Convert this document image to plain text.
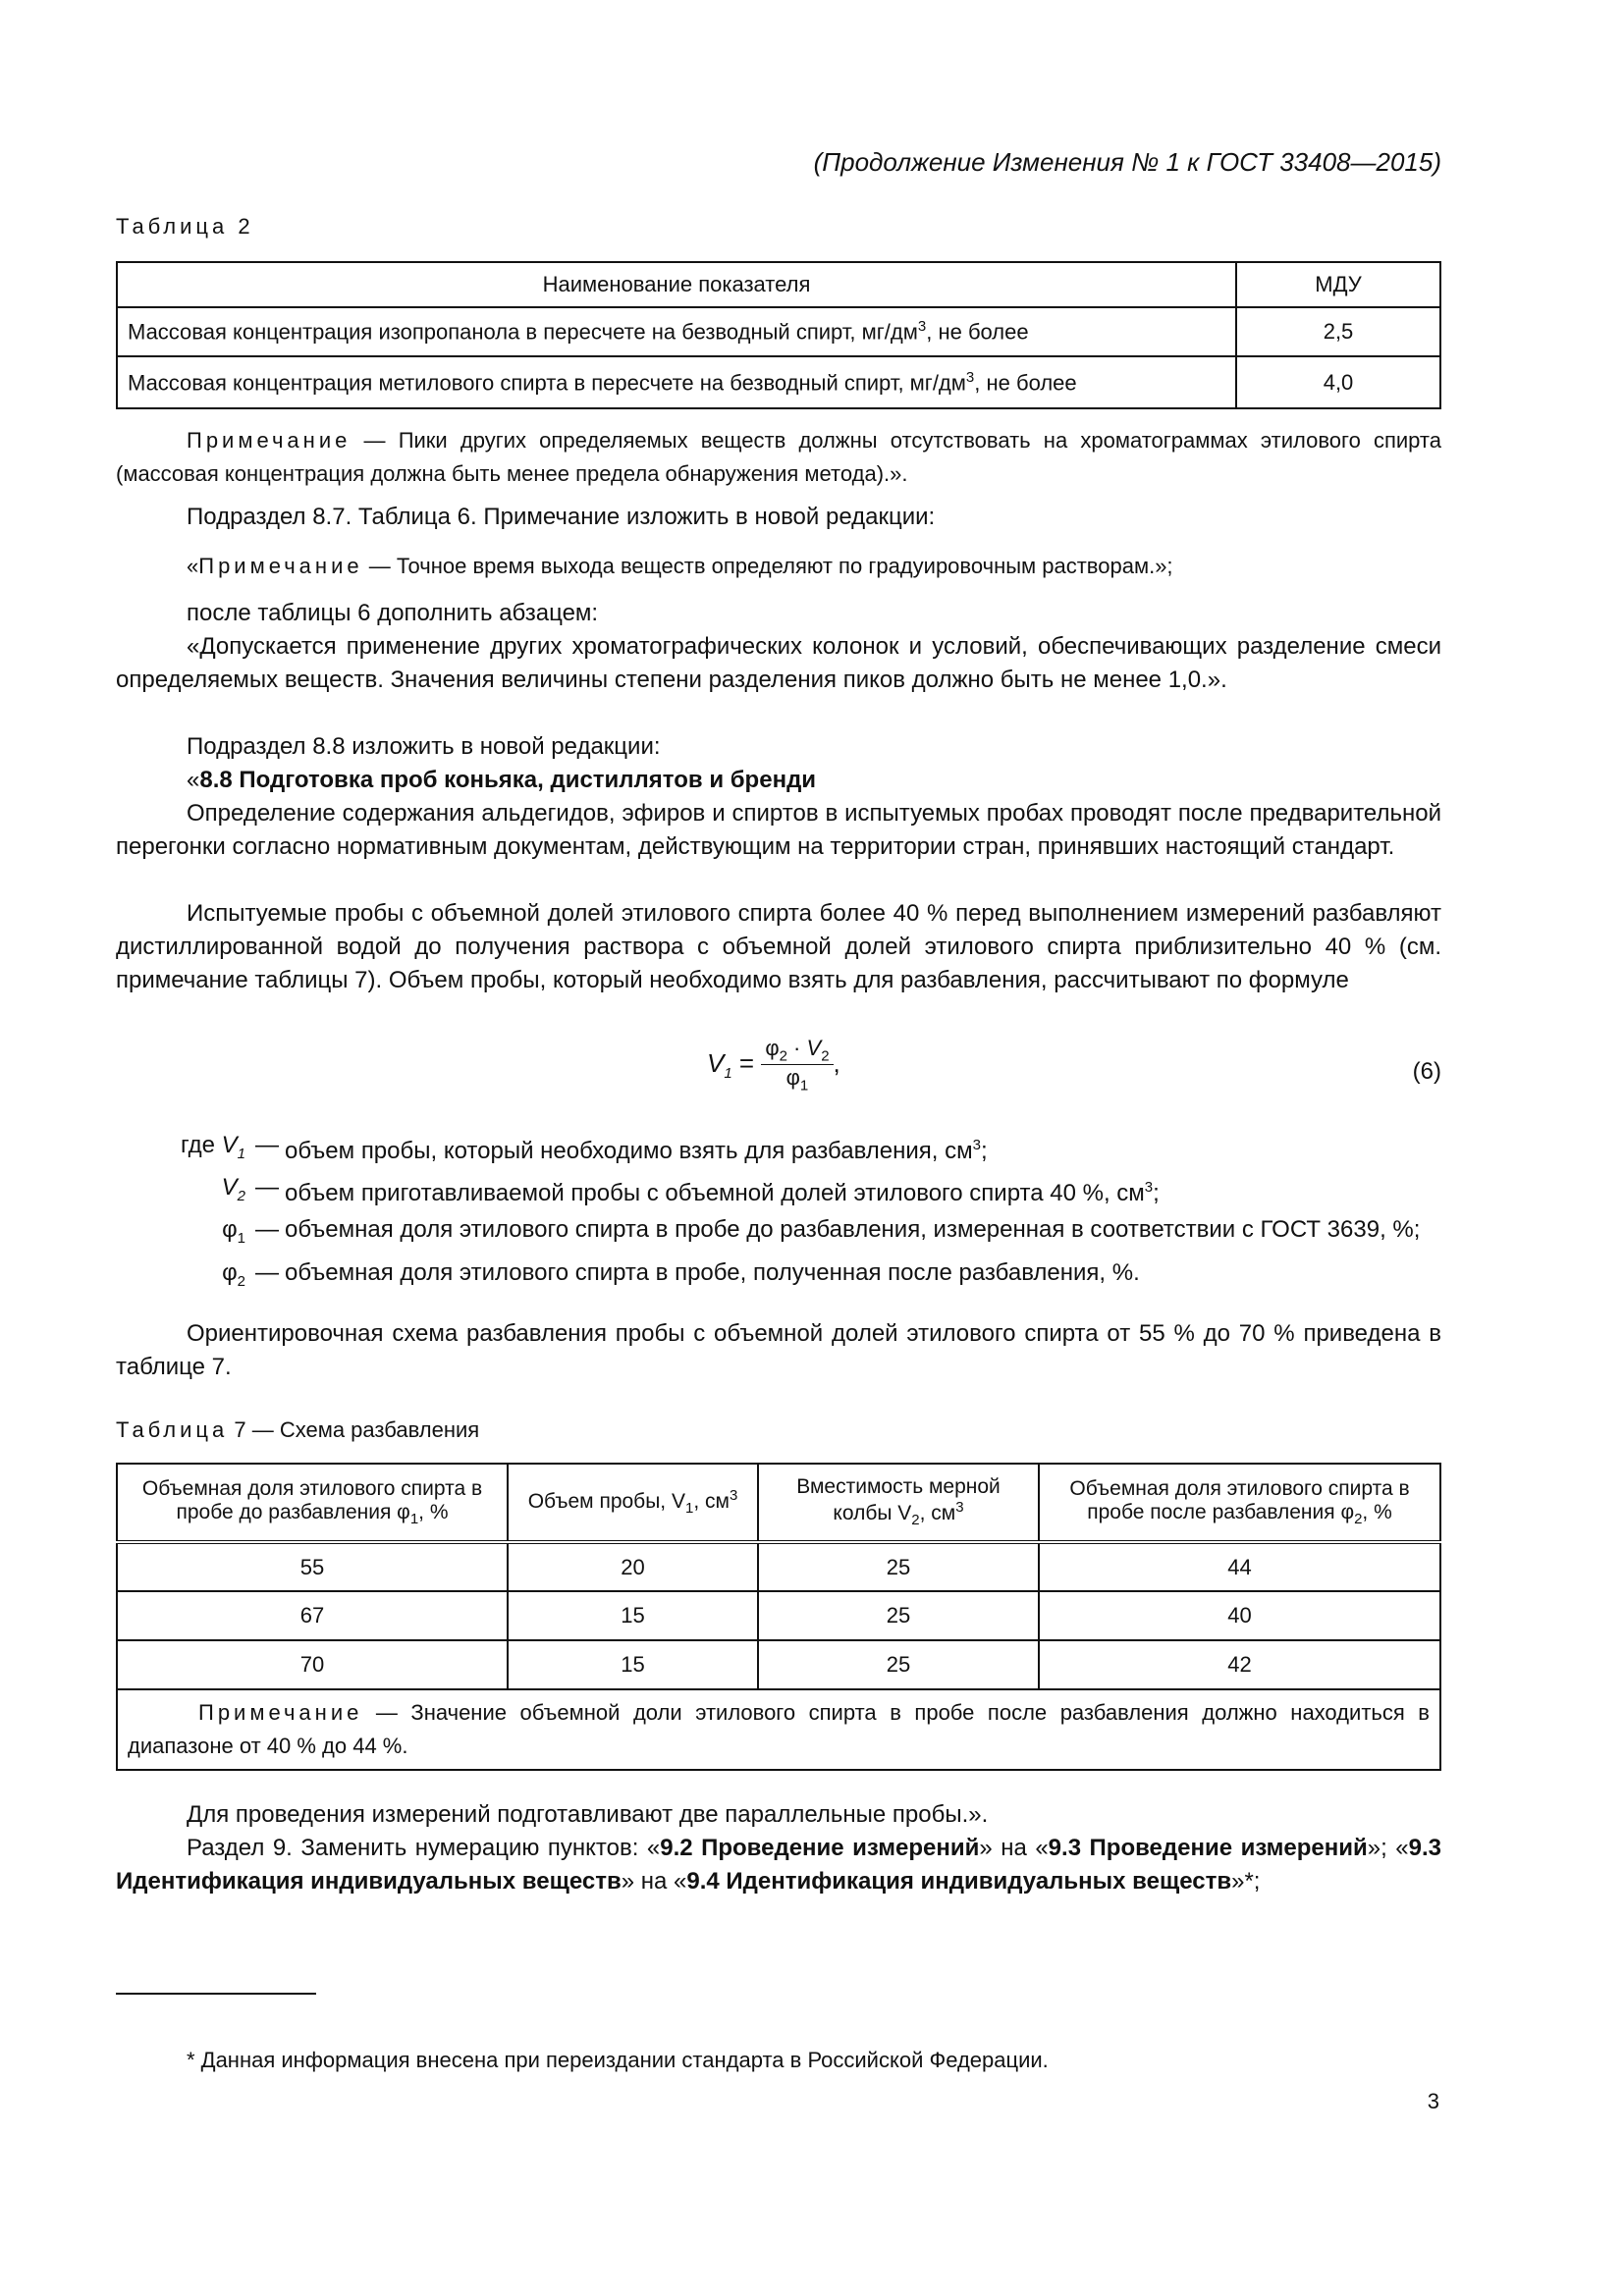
(Продолжение Изменения № 1 к ГОСТ 33408—2015)
Таблица 2
Наименование показателя	МДУ
Массовая концентрация изопропанола в пересчете на безводный спирт, $мг/дм^3$, не более	2,5
Массовая концентрация метилового спирта в пересчете на безводный спирт, $мг/дм^3$, не более	4,0
Примечание — Пики других определяемых веществ должны отсутствовать на хроматограммах этилового спирта (массовая концентрация должна быть менее предела обнаружения метода).».
Подраздел 8.7. Таблица 6. Примечание изложить в новой редакции:
«Примечание — Точное время выхода веществ определяют по градуировочным растворам.»;
после таблицы 6 дополнить абзацем:
«Допускается применение других хроматографических колонок и условий, обеспечивающих разделение смеси определяемых веществ. Значения величины степени разделения пиков должно быть не менее 1,0.».
Подраздел 8.8 изложить в новой редакции:
«8.8 Подготовка проб коньяка, дистиллятов и бренди
Определение содержания альдегидов, эфиров и спиртов в испытуемых пробах проводят после предварительной перегонки согласно нормативным документам, действующим на территории стран, принявших настоящий стандарт.
Испытуемые пробы с объемной долей этилового спирта более 40 % перед выполнением измерений разбавляют дистиллированной водой до получения раствора с объемной долей этилового спирта приблизительно 40 % (см. примечание таблицы 7). Объем пробы, который необходимо взять для разбавления, рассчитывают по формуле
$V_1 = \frac{\varphi_2 \cdot V_2}{\varphi_1}$ ,	(6)
где $V_1$ — объем пробы, который необходимо взять для разбавления, $см^3$;
$V_2$ — объем приготавливаемой пробы с объемной долей этилового спирта 40 %, $см^3$;
$\varphi_1$ — объемная доля этилового спирта в пробе до разбавления, измеренная в соответствии с ГОСТ 3639, %;
$\varphi_2$ — объемная доля этилового спирта в пробе, полученная после разбавления, %.
Ориентировочная схема разбавления пробы с объемной долей этилового спирта от 55 % до 70 % приведена в таблице 7.
Таблица 7 — Схема разбавления
Объемная доля этилового спирта в пробе до разбавления $\varphi_1$, %	Объем пробы, $V_1$, $см^3$	Вместимость мерной колбы $V_2$, $см^3$	Объемная доля этилового спирта в пробе после разбавления $\varphi_2$, %
55	20	25	44
67	15	25	40
70	15	25	42
Примечание — Значение объемной доли этилового спирта в пробе после разбавления должно находиться в диапазоне от 40 % до 44 %.			
Для проведения измерений подготавливают две параллельные пробы.».
Раздел 9. Заменить нумерацию пунктов: «9.2 Проведение измерений» на «9.3 Проведение измерений»; «9.3 Идентификация индивидуальных веществ» на «9.4 Идентификация индивидуальных веществ»*;
* Данная информация внесена при переиздании стандарта в Российской Федерации.
3
